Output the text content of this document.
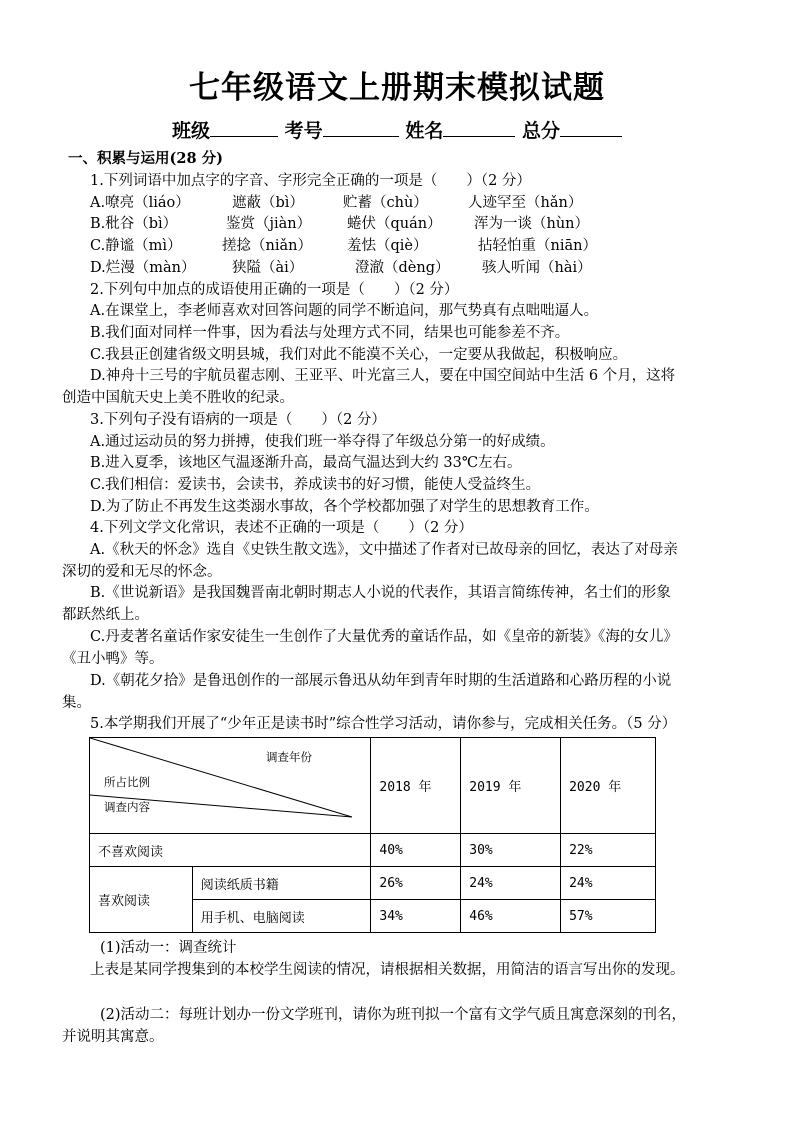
七年级语文上册期末模拟试题
班级	考号	姓名	总分
一、积累与运用(28 分)
1.下列词语中加点字的字音、字形完全正确的一项是（　　）（2 分）
A.嘹亮（liáo）	遮蔽（bì）	贮蓄（chù）	人迹罕至（hǎn）
B.秕谷（bì）	鉴赏（jiàn） 蜷伏（quán） 浑为一谈（hùn）
C.静谧（mì）	搓捻（niǎn） 羞怯（qiè）	拈轻怕重（niān）
D.烂漫（màn）	狭隘（ài）	澄澈（dèng） 骇人听闻（hài）
2.下列句中加点的成语使用正确的一项是（　　）（2 分）
A.在课堂上，李老师喜欢对回答问题的同学不断追问，那气势真有点咄咄逼人。
B.我们面对同样一件事，因为看法与处理方式不同，结果也可能参差不齐。
C.我县正创建省级文明县城，我们对此不能漠不关心，一定要从我做起，积极响应。
D.神舟十三号的宇航员翟志刚、王亚平、叶光富三人，要在中国空间站中生活 6 个月，这将
创造中国航天史上美不胜收的纪录。
3.下列句子没有语病的一项是（　　）（2 分）
A.通过运动员的努力拼搏，使我们班一举夺得了年级总分第一的好成绩。
B.进入夏季，该地区气温逐渐升高，最高气温达到大约 33℃左右。
C.我们相信：爱读书，会读书，养成读书的好习惯，能使人受益终生。
D.为了防止不再发生这类溺水事故，各个学校都加强了对学生的思想教育工作。
4.下列文学文化常识，表述不正确的一项是（　　）（2 分）
A.《秋天的怀念》选自《史铁生散文选》，文中描述了作者对已故母亲的回忆，表达了对母亲
深切的爱和无尽的怀念。
B.《世说新语》是我国魏晋南北朝时期志人小说的代表作，其语言简练传神，名士们的形象
都跃然纸上。
C.丹麦著名童话作家安徒生一生创作了大量优秀的童话作品，如《皇帝的新装》《海的女儿》
《丑小鸭》等。
D.《朝花夕拾》是鲁迅创作的一部展示鲁迅从幼年到青年时期的生活道路和心路历程的小说
集。
5.本学期我们开展了“少年正是读书时”综合性学习活动，请你参与，完成相关任务。（5 分）
调查年份
所占比例
调查内容		2018 年	2019 年	2020 年
不喜欢阅读		40%	30%	22%
喜欢阅读	阅读纸质书籍	26%	24%	24%
	用手机、电脑阅读	34%	46%	57%
(1)活动一：调查统计
上表是某同学搜集到的本校学生阅读的情况，请根据相关数据，用简洁的语言写出你的发现。
(2)活动二：每班计划办一份文学班刊，请你为班刊拟一个富有文学气质且寓意深刻的刊名，
并说明其寓意。
